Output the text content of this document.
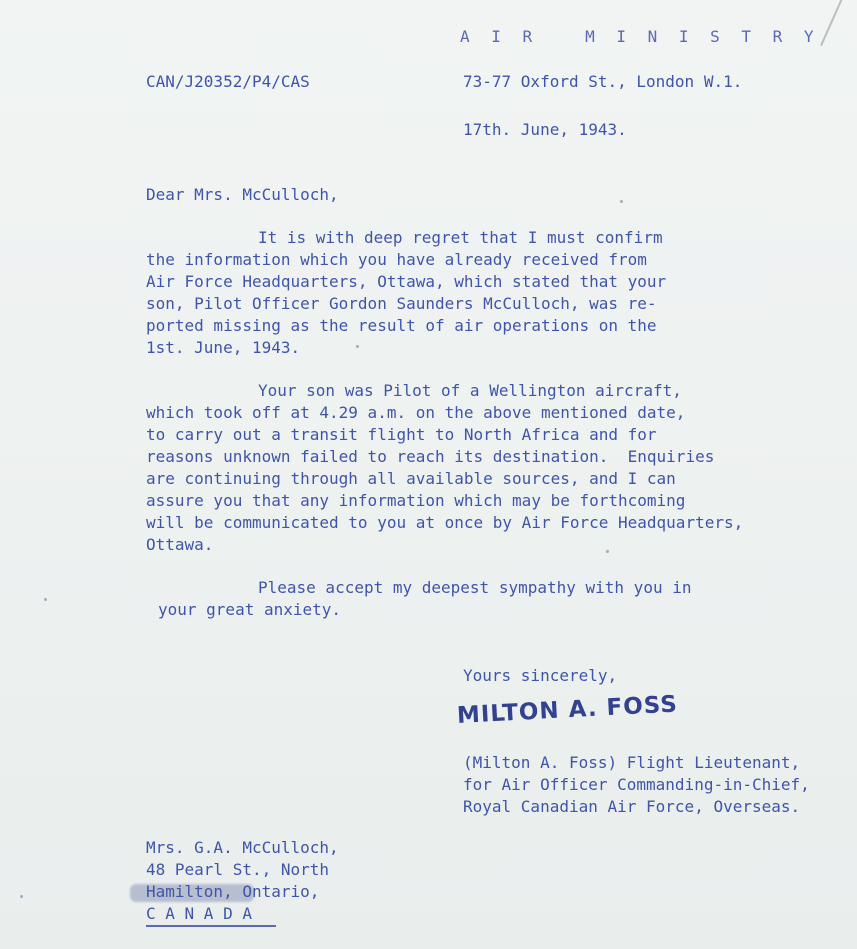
A I R   M I N I S T R Y
CAN/J20352/P4/CAS	73-77 Oxford St., London W.1.
17th. June, 1943.
Dear Mrs. McCulloch,
It is with deep regret that I must confirm
the information which you have already received from
Air Force Headquarters, Ottawa, which stated that your
son, Pilot Officer Gordon Saunders McCulloch, was re-
ported missing as the result of air operations on the
1st. June, 1943.
Your son was Pilot of a Wellington aircraft,
which took off at 4.29 a.m. on the above mentioned date,
to carry out a transit flight to North Africa and for
reasons unknown failed to reach its destination.  Enquiries
are continuing through all available sources, and I can
assure you that any information which may be forthcoming
will be communicated to you at once by Air Force Headquarters,
Ottawa.
Please accept my deepest sympathy with you in
your great anxiety.
Yours sincerely,
MILTON A. FOSS
(Milton A. Foss) Flight Lieutenant,
for Air Officer Commanding-in-Chief,
Royal Canadian Air Force, Overseas.
Mrs. G.A. McCulloch,
48 Pearl St., North
Hamilton, Ontario,
C A N A D A
